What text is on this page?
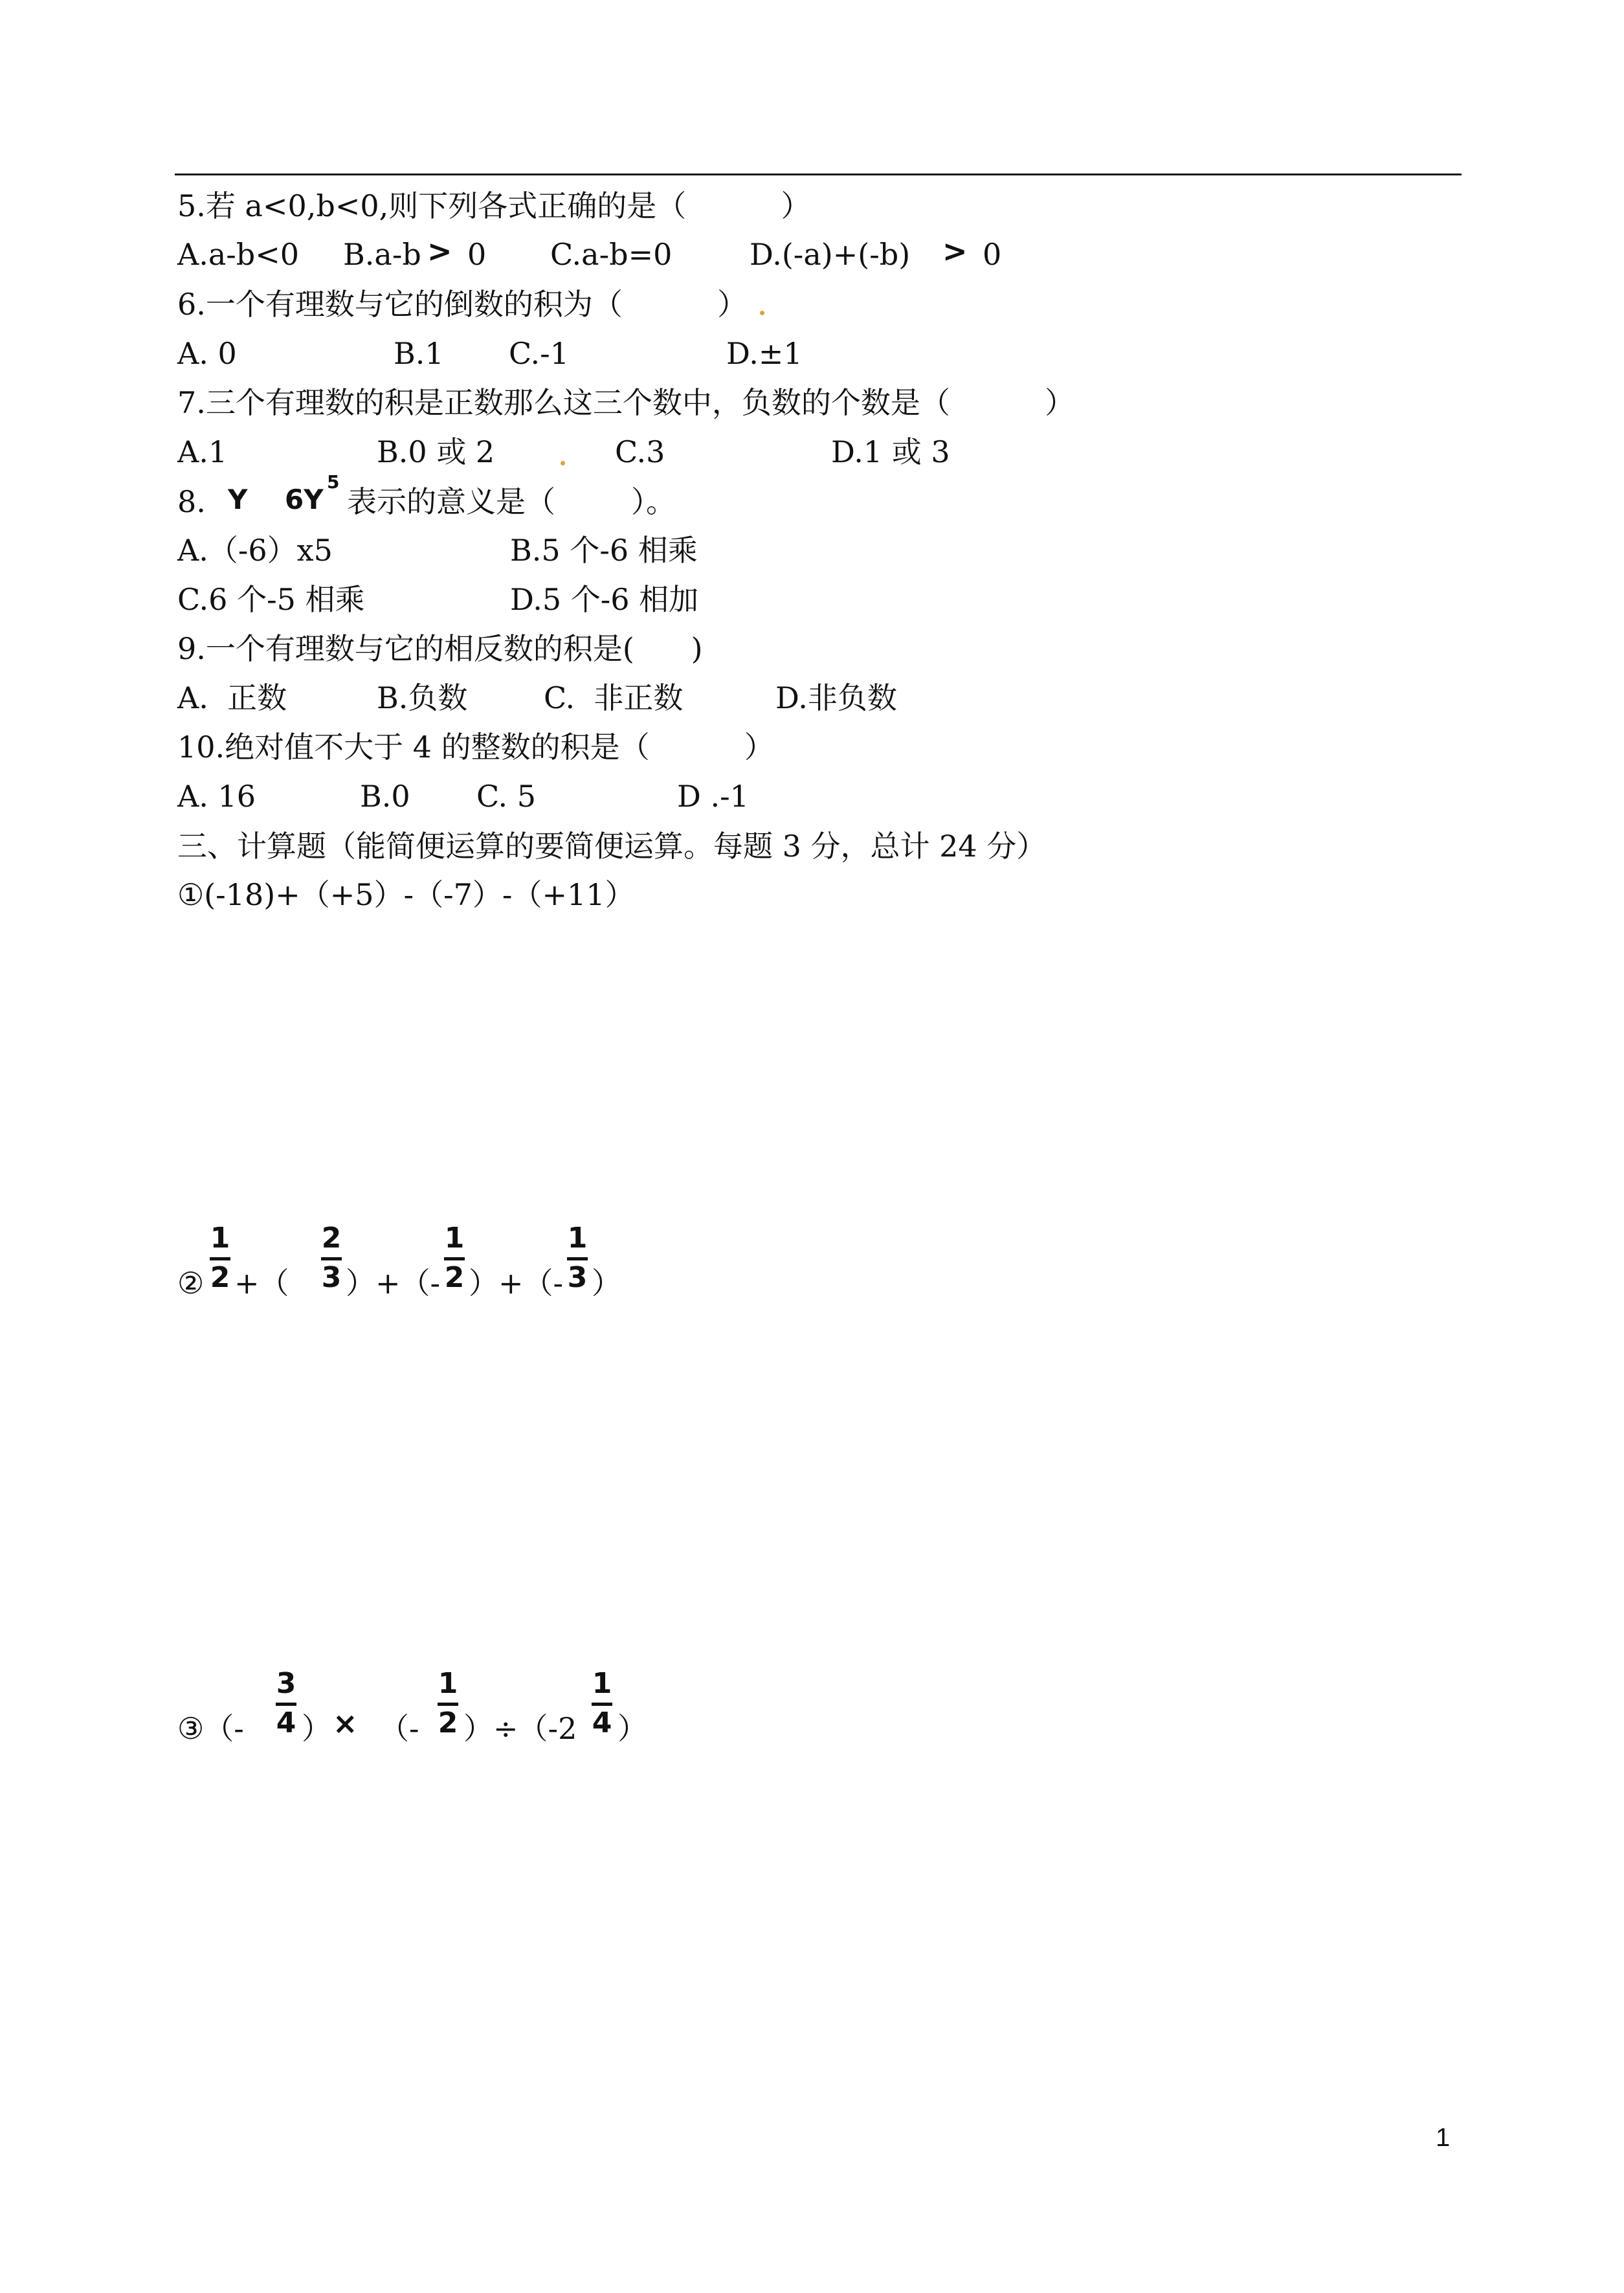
5.若 a<0,b<0,则下列各式正确的是（          ）
A.a-b<0 B.a-b > 0 C.a-b=0	D.(-a)+(-b) > 0
6.一个有理数与它的倒数的积为（          ）
A. 0	B.1 C.-1	D.±1
7.三个有理数的积是正数那么这三个数中，负数的个数是（          ）
A.1	B.0 或 2	C.3	D.1 或 3
8. Y 6Y
5
表示的意义是（        ）。
A.（-6）x5	B.5 个-6 相乘
C.6 个-5 相乘	D.5 个-6 相加
9.一个有理数与它的相反数的积是(      )
A.  正数	B.负数	C.  非正数	D.非负数
10.绝对值不大于 4 的整数的积是（          ）
A. 16	B.0 C. 5	D .-1
三、计算题（能简便运算的要简便运算。每题 3 分，总计 24 分）
①(-18)+（+5）-（-7）-（+11）
②
1
2 +（
2
3 ）+（-
1
2 ）+（-
1
3 ）
③（-
3
4 ） × （-
1
2 ）÷（-2
1
4 ）
1
